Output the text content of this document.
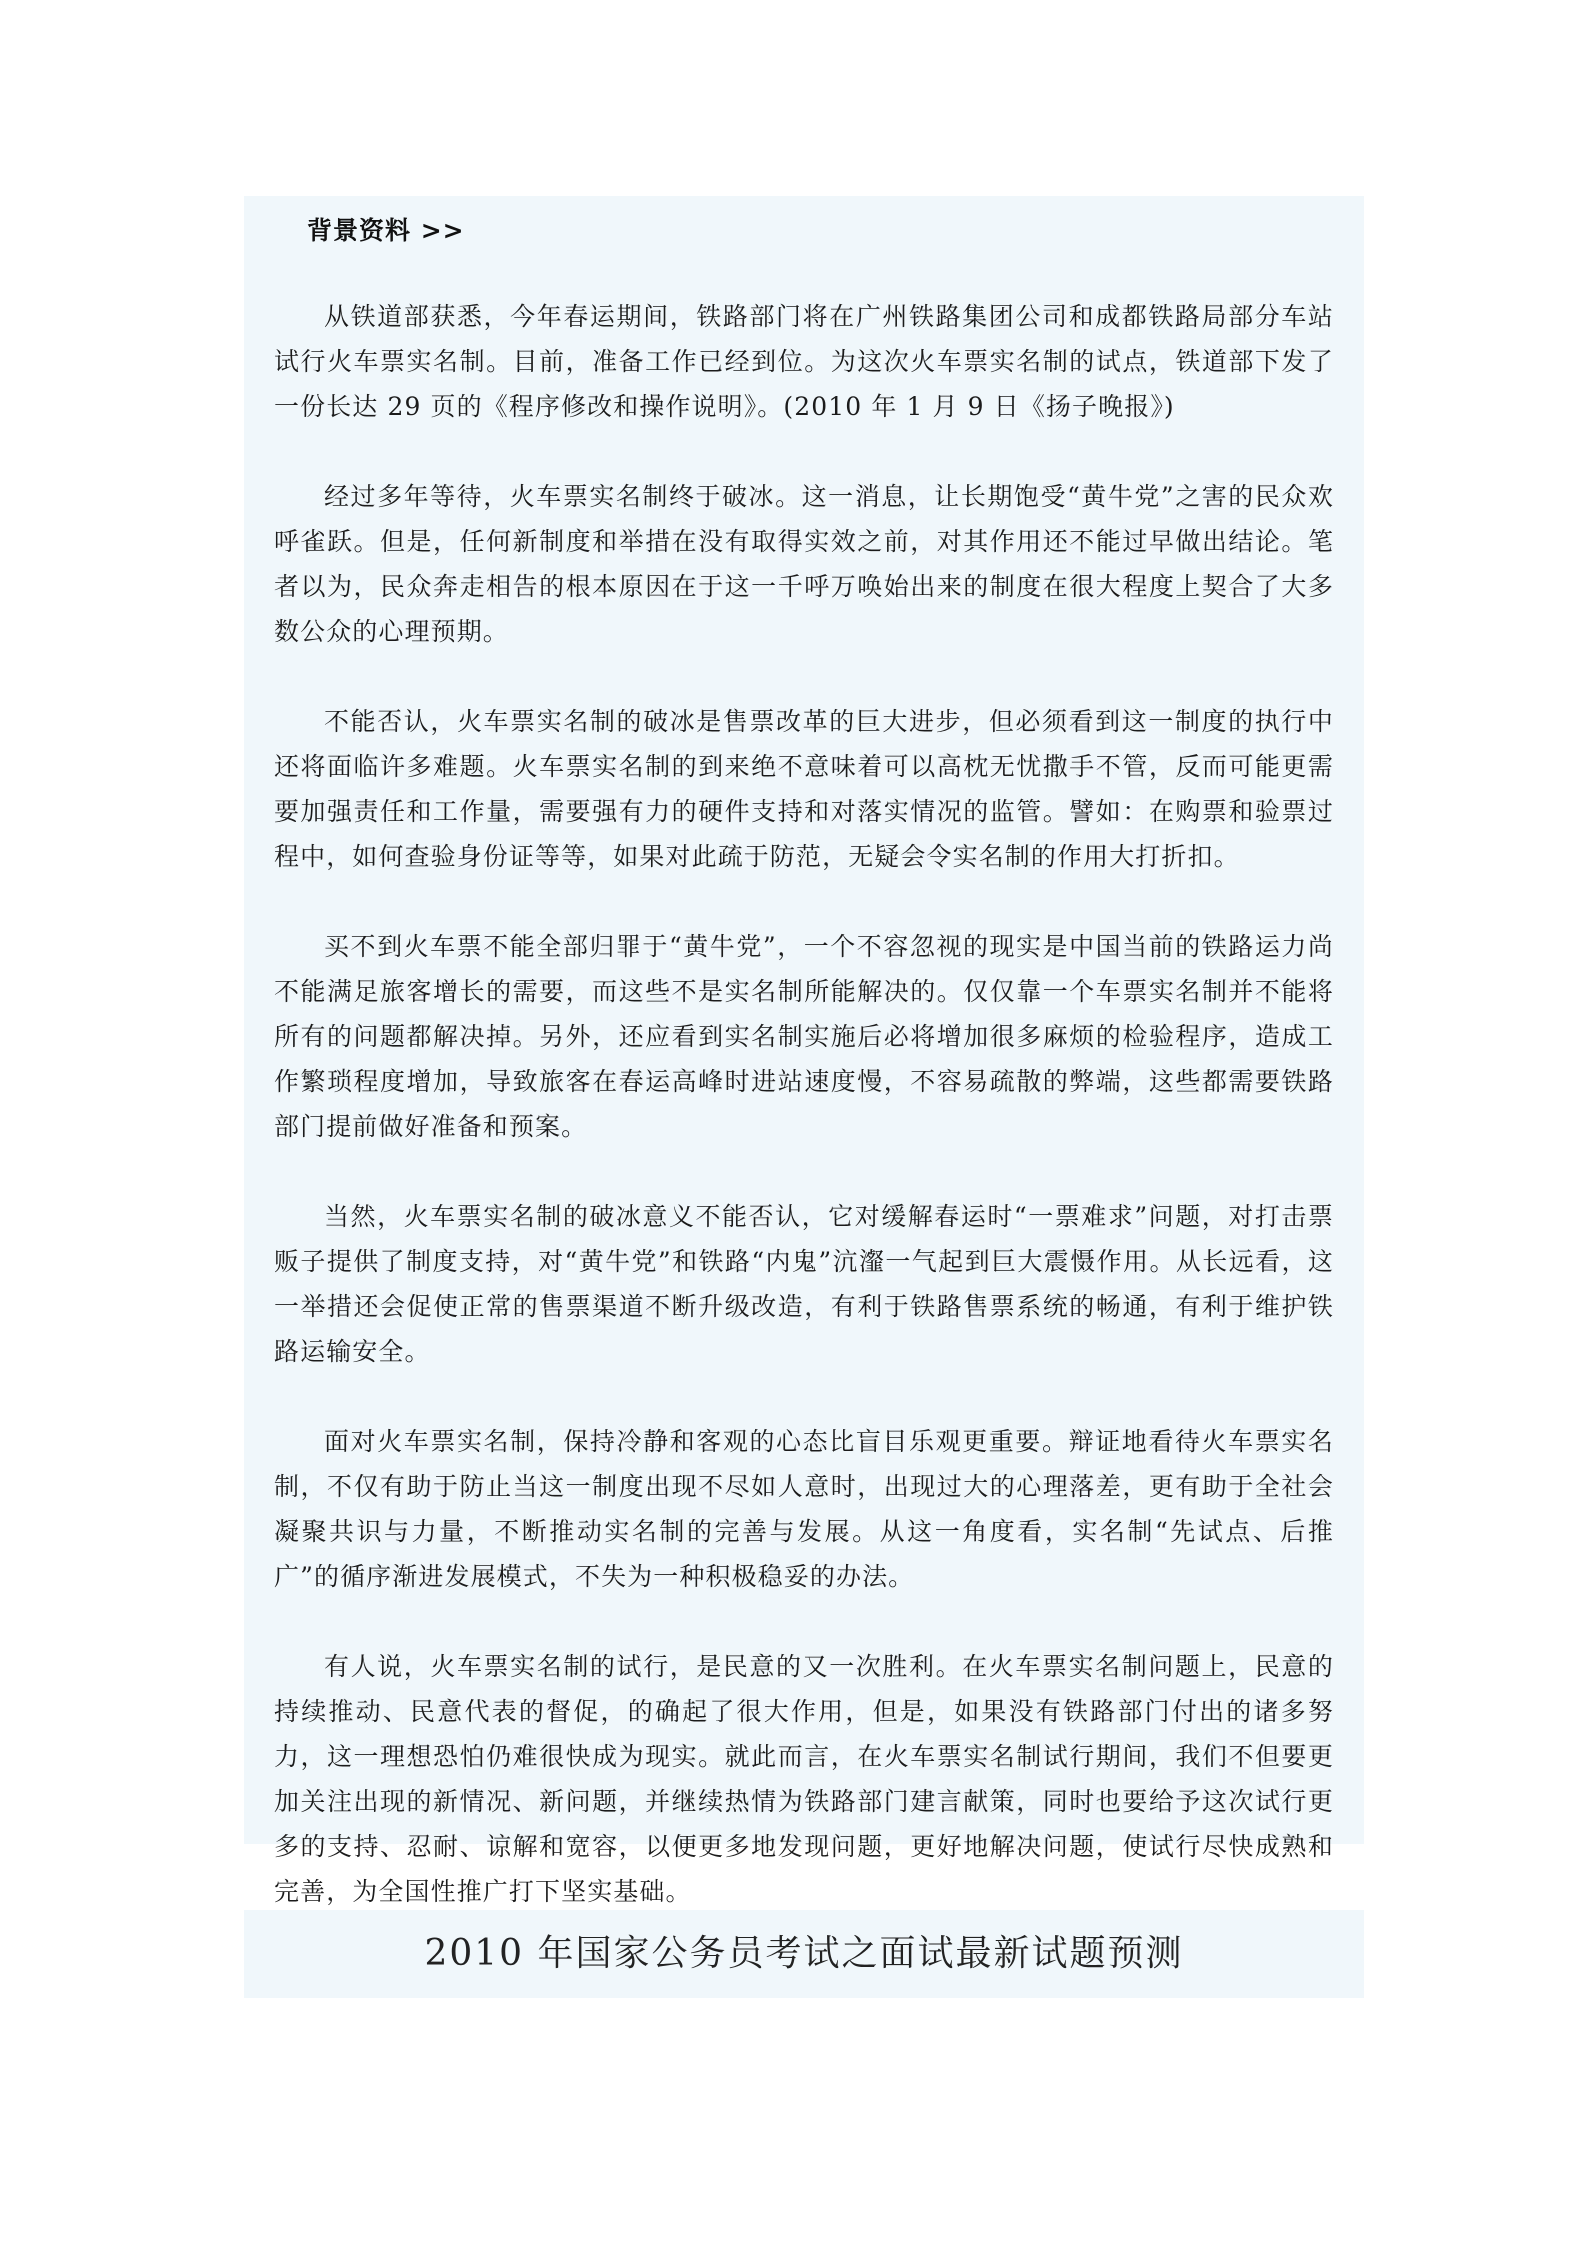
背景资料 >>

从铁道部获悉，今年春运期间，铁路部门将在广州铁路集团公司和成都铁路局部分车站试行火车票实名制。目前，准备工作已经到位。为这次火车票实名制的试点，铁道部下发了一份长达 29 页的《程序修改和操作说明》。(2010 年 1 月 9 日《扬子晚报》)

经过多年等待，火车票实名制终于破冰。这一消息，让长期饱受“黄牛党”之害的民众欢呼雀跃。但是，任何新制度和举措在没有取得实效之前，对其作用还不能过早做出结论。笔者以为，民众奔走相告的根本原因在于这一千呼万唤始出来的制度在很大程度上契合了大多数公众的心理预期。

不能否认，火车票实名制的破冰是售票改革的巨大进步，但必须看到这一制度的执行中还将面临许多难题。火车票实名制的到来绝不意味着可以高枕无忧撒手不管，反而可能更需要加强责任和工作量，需要强有力的硬件支持和对落实情况的监管。譬如：在购票和验票过程中，如何查验身份证等等，如果对此疏于防范，无疑会令实名制的作用大打折扣。

买不到火车票不能全部归罪于“黄牛党”，一个不容忽视的现实是中国当前的铁路运力尚不能满足旅客增长的需要，而这些不是实名制所能解决的。仅仅靠一个车票实名制并不能将所有的问题都解决掉。另外，还应看到实名制实施后必将增加很多麻烦的检验程序，造成工作繁琐程度增加，导致旅客在春运高峰时进站速度慢，不容易疏散的弊端，这些都需要铁路部门提前做好准备和预案。

当然，火车票实名制的破冰意义不能否认，它对缓解春运时“一票难求”问题，对打击票贩子提供了制度支持，对“黄牛党”和铁路“内鬼”沆瀣一气起到巨大震慑作用。从长远看，这一举措还会促使正常的售票渠道不断升级改造，有利于铁路售票系统的畅通，有利于维护铁路运输安全。

面对火车票实名制，保持冷静和客观的心态比盲目乐观更重要。辩证地看待火车票实名制，不仅有助于防止当这一制度出现不尽如人意时，出现过大的心理落差，更有助于全社会凝聚共识与力量，不断推动实名制的完善与发展。从这一角度看，实名制“先试点、后推广”的循序渐进发展模式，不失为一种积极稳妥的办法。

有人说，火车票实名制的试行，是民意的又一次胜利。在火车票实名制问题上，民意的持续推动、民意代表的督促，的确起了很大作用，但是，如果没有铁路部门付出的诸多努力，这一理想恐怕仍难很快成为现实。就此而言，在火车票实名制试行期间，我们不但要更加关注出现的新情况、新问题，并继续热情为铁路部门建言献策，同时也要给予这次试行更多的支持、忍耐、谅解和宽容，以便更多地发现问题，更好地解决问题，使试行尽快成熟和完善，为全国性推广打下坚实基础。

2010 年国家公务员考试之面试最新试题预测
